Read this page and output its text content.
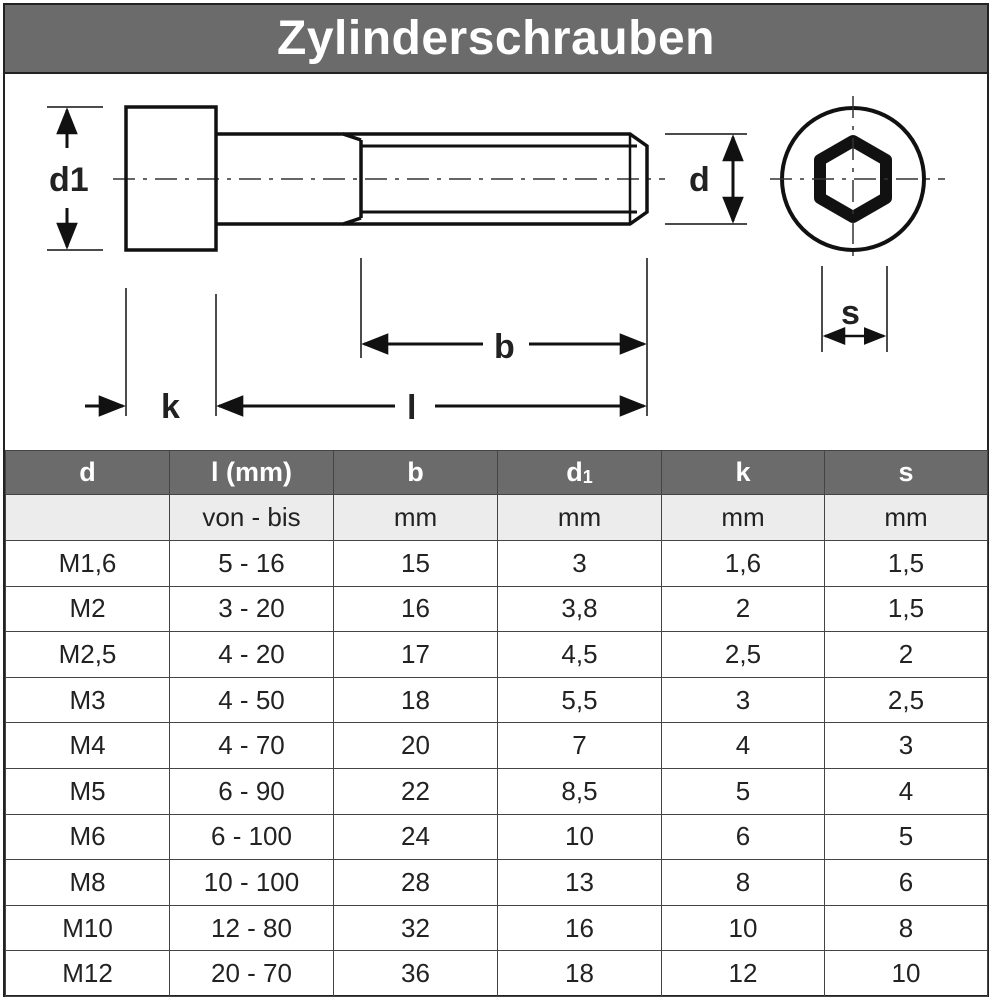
Zylinderschrauben
d1	d
s
b
k	l
d	l (mm)	b	d1	k	s
	von - bis	mm	mm	mm	mm
M1,6	5 - 16	15	3	1,6	1,5
M2	3 - 20	16	3,8	2	1,5
M2,5	4 - 20	17	4,5	2,5	2
M3	4 - 50	18	5,5	3	2,5
M4	4 - 70	20	7	4	3
M5	6 - 90	22	8,5	5	4
M6	6 - 100	24	10	6	5
M8	10 - 100	28	13	8	6
M10	12 - 80	32	16	10	8
M12	20 - 70	36	18	12	10
